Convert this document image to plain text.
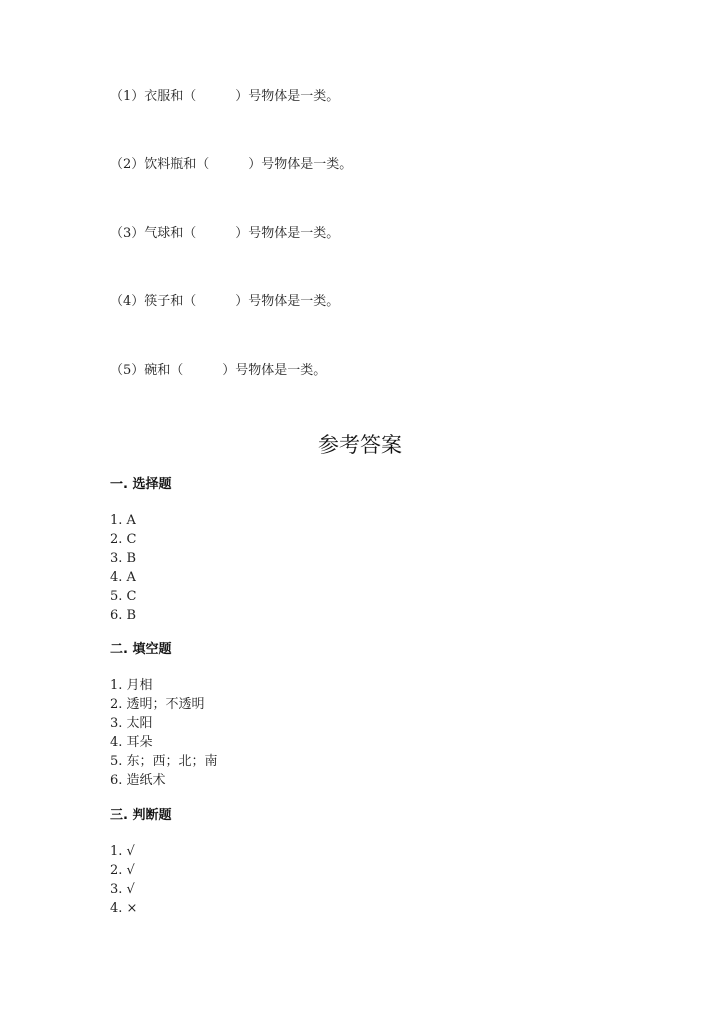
（1）衣服和（　　　）号物体是一类。
（2）饮料瓶和（　　　）号物体是一类。
（3）气球和（　　　）号物体是一类。
（4）筷子和（　　　）号物体是一类。
（5）碗和（　　　）号物体是一类。
参考答案
一. 选择题
1. A
2. C
3. B
4. A
5. C
6. B
二. 填空题
1. 月相
2. 透明；不透明
3. 太阳
4. 耳朵
5. 东；西；北；南
6. 造纸术
三. 判断题
1. √
2. √
3. √
4. ×
